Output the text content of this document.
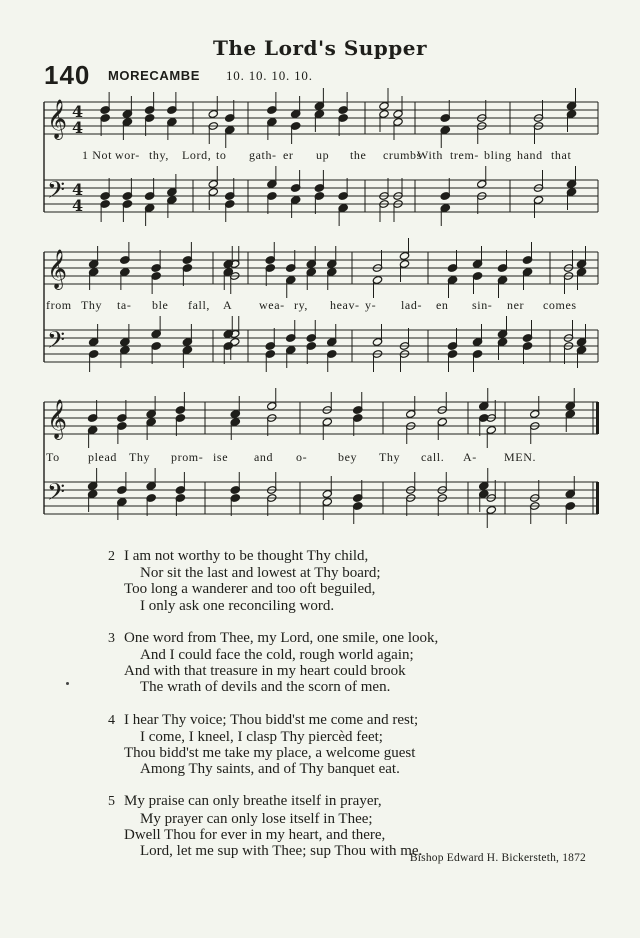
The Lord's Supper
140 MORECAMBE 10. 10. 10. 10.
𝄞
𝄢
4
4
4
4
𝄞
𝄢
𝄞
𝄢
1 Not wor- thy, Lord, to gath- er up the crumbs
With trem- bling hand that
from Thy ta- ble fall, A wea- ry, heav- y- lad- en sin- ner comes
To plead Thy prom- ise and o-	bey Thy call. A- MEN.
2 I am not worthy to be thought Thy child,
Nor sit the last and lowest at Thy board;
Too long a wanderer and too oft beguiled,
I only ask one reconciling word.
3 One word from Thee, my Lord, one smile, one look,
And I could face the cold, rough world again;
And with that treasure in my heart could brook
The wrath of devils and the scorn of men.
4 I hear Thy voice; Thou bidd'st me come and rest;
I come, I kneel, I clasp Thy piercèd feet;
Thou bidd'st me take my place, a welcome guest
Among Thy saints, and of Thy banquet eat.
5 My praise can only breathe itself in prayer,
My prayer can only lose itself in Thee;
Dwell Thou for ever in my heart, and there,
Lord, let me sup with Thee; sup Thou with me.
Bishop Edward H. Bickersteth, 1872
